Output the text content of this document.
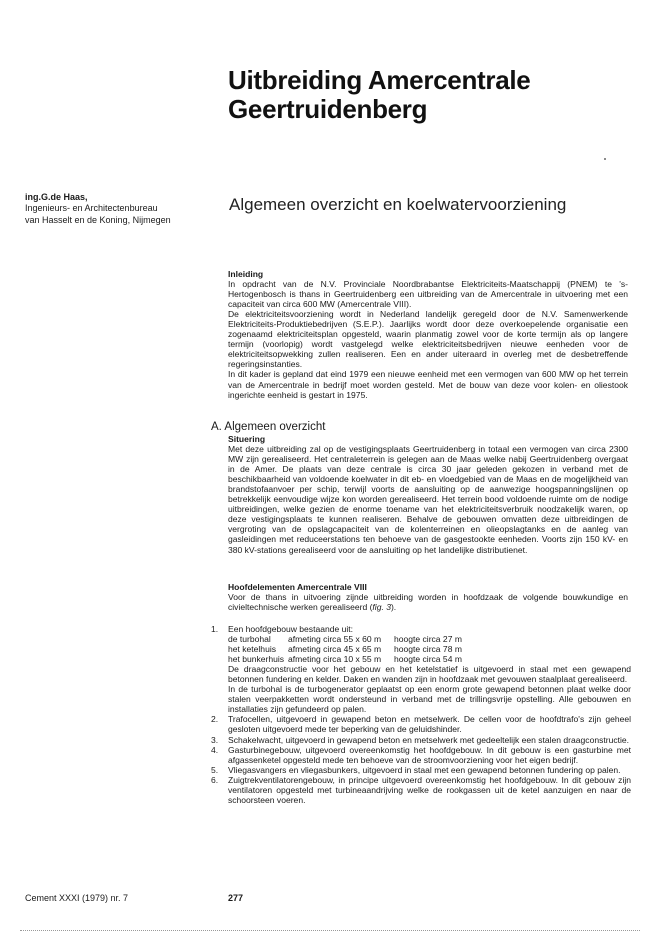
Uitbreiding Amercentrale
Geertruidenberg
ing.G.de Haas,
Ingenieurs- en Architectenbureau
van Hasselt en de Koning, Nijmegen
Algemeen overzicht en koelwatervoorziening

Inleiding

In opdracht van de N.V. Provinciale Noordbrabantse Elektriciteits-Maatschappij (PNEM) te 's-Hertogenbosch is thans in Geertruidenberg een uitbreiding van de Amercentrale in uitvoering met een capaciteit van circa 600 MW (Amercentrale VIII).

De elektriciteitsvoorziening wordt in Nederland landelijk geregeld door de N.V. Samenwerkende Elektriciteits-Produktiebedrijven (S.E.P.). Jaarlijks wordt door deze overkoepelende organisatie een zogenaamd elektriciteitsplan opgesteld, waarin planmatig zowel voor de korte termijn als op langere termijn (voorlopig) wordt vastgelegd welke elektriciteitsbedrijven nieuwe eenheden voor de elektriciteitsopwekking zullen realiseren. Een en ander uiteraard in overleg met de desbetreffende regeringsinstanties.

In dit kader is gepland dat eind 1979 een nieuwe eenheid met een vermogen van 600 MW op het terrein van de Amercentrale in bedrijf moet worden gesteld. Met de bouw van deze voor kolen- en oliestook ingerichte eenheid is gestart in 1975.

A. Algemeen overzicht

Situering

Met deze uitbreiding zal op de vestigingsplaats Geertruidenberg in totaal een vermogen van circa 2300 MW zijn gerealiseerd. Het centraleterrein is gelegen aan de Maas welke nabij Geertruidenberg overgaat in de Amer. De plaats van deze centrale is circa 30 jaar geleden gekozen in verband met de beschikbaarheid van voldoende koelwater in dit eb- en vloedgebied van de Maas en de mogelijkheid van brandstofaanvoer per schip, terwijl voorts de aansluiting op de aanwezige hoogspanningslijnen op betrekkelijk eenvoudige wijze kon worden gerealiseerd. Het terrein bood voldoende ruimte om de nodige uitbreidingen, welke gezien de enorme toename van het elektriciteitsverbruik noodzakelijk waren, op deze vestigingsplaats te kunnen realiseren. Behalve de gebouwen omvatten deze uitbreidingen de vergroting van de opslagcapaciteit van de kolenterreinen en olieopslagtanks en de aanleg van gasleidingen met reduceerstations ten behoeve van de gasgestookte eenheden. Voorts zijn 150 kV- en 380 kV-stations gerealiseerd voor de aansluiting op het landelijke distributienet.

Hoofdelementen Amercentrale VIII

Voor de thans in uitvoering zijnde uitbreiding worden in hoofdzaak de volgende bouwkundige en civieltechnische werken gerealiseerd (fig. 3).

1.	Een hoofdgebouw bestaande uit:
de turbohal	afmeting circa 55 x 60 m	hoogte circa 27 m
het ketelhuis	afmeting circa 45 x 65 m	hoogte circa 78 m
het bunkerhuis afmeting circa 10 x 55 m	hoogte circa 54 m
De draagconstructie voor het gebouw en het ketelstatief is uitgevoerd in staal met een gewapend betonnen fundering en kelder. Daken en wanden zijn in hoofdzaak met gevouwen staalplaat gerealiseerd.
In de turbohal is de turbogenerator geplaatst op een enorm grote gewapend betonnen plaat welke door stalen veerpakketten wordt ondersteund in verband met de trillingsvrije opstelling. Alle gebouwen en installaties zijn gefundeerd op palen.
2.	Trafocellen, uitgevoerd in gewapend beton en metselwerk. De cellen voor de hoofdtrafo's zijn geheel gesloten uitgevoerd mede ter beperking van de geluidshinder.
3.	Schakelwacht, uitgevoerd in gewapend beton en metselwerk met gedeeltelijk een stalen draagconstructie.
4.	Gasturbinegebouw, uitgevoerd overeenkomstig het hoofdgebouw. In dit gebouw is een gasturbine met afgassenketel opgesteld mede ten behoeve van de stroomvoorziening voor het eigen bedrijf.
5.	Vliegasvangers en vliegasbunkers, uitgevoerd in staal met een gewapend betonnen fundering op palen.
6.	Zuigtrekventilatorengebouw, in principe uitgevoerd overeenkomstig het hoofdgebouw. In dit gebouw zijn ventilatoren opgesteld met turbineaandrijving welke de rookgassen uit de ketel aanzuigen en naar de schoorsteen voeren.
Cement XXXI (1979) nr. 7	277
